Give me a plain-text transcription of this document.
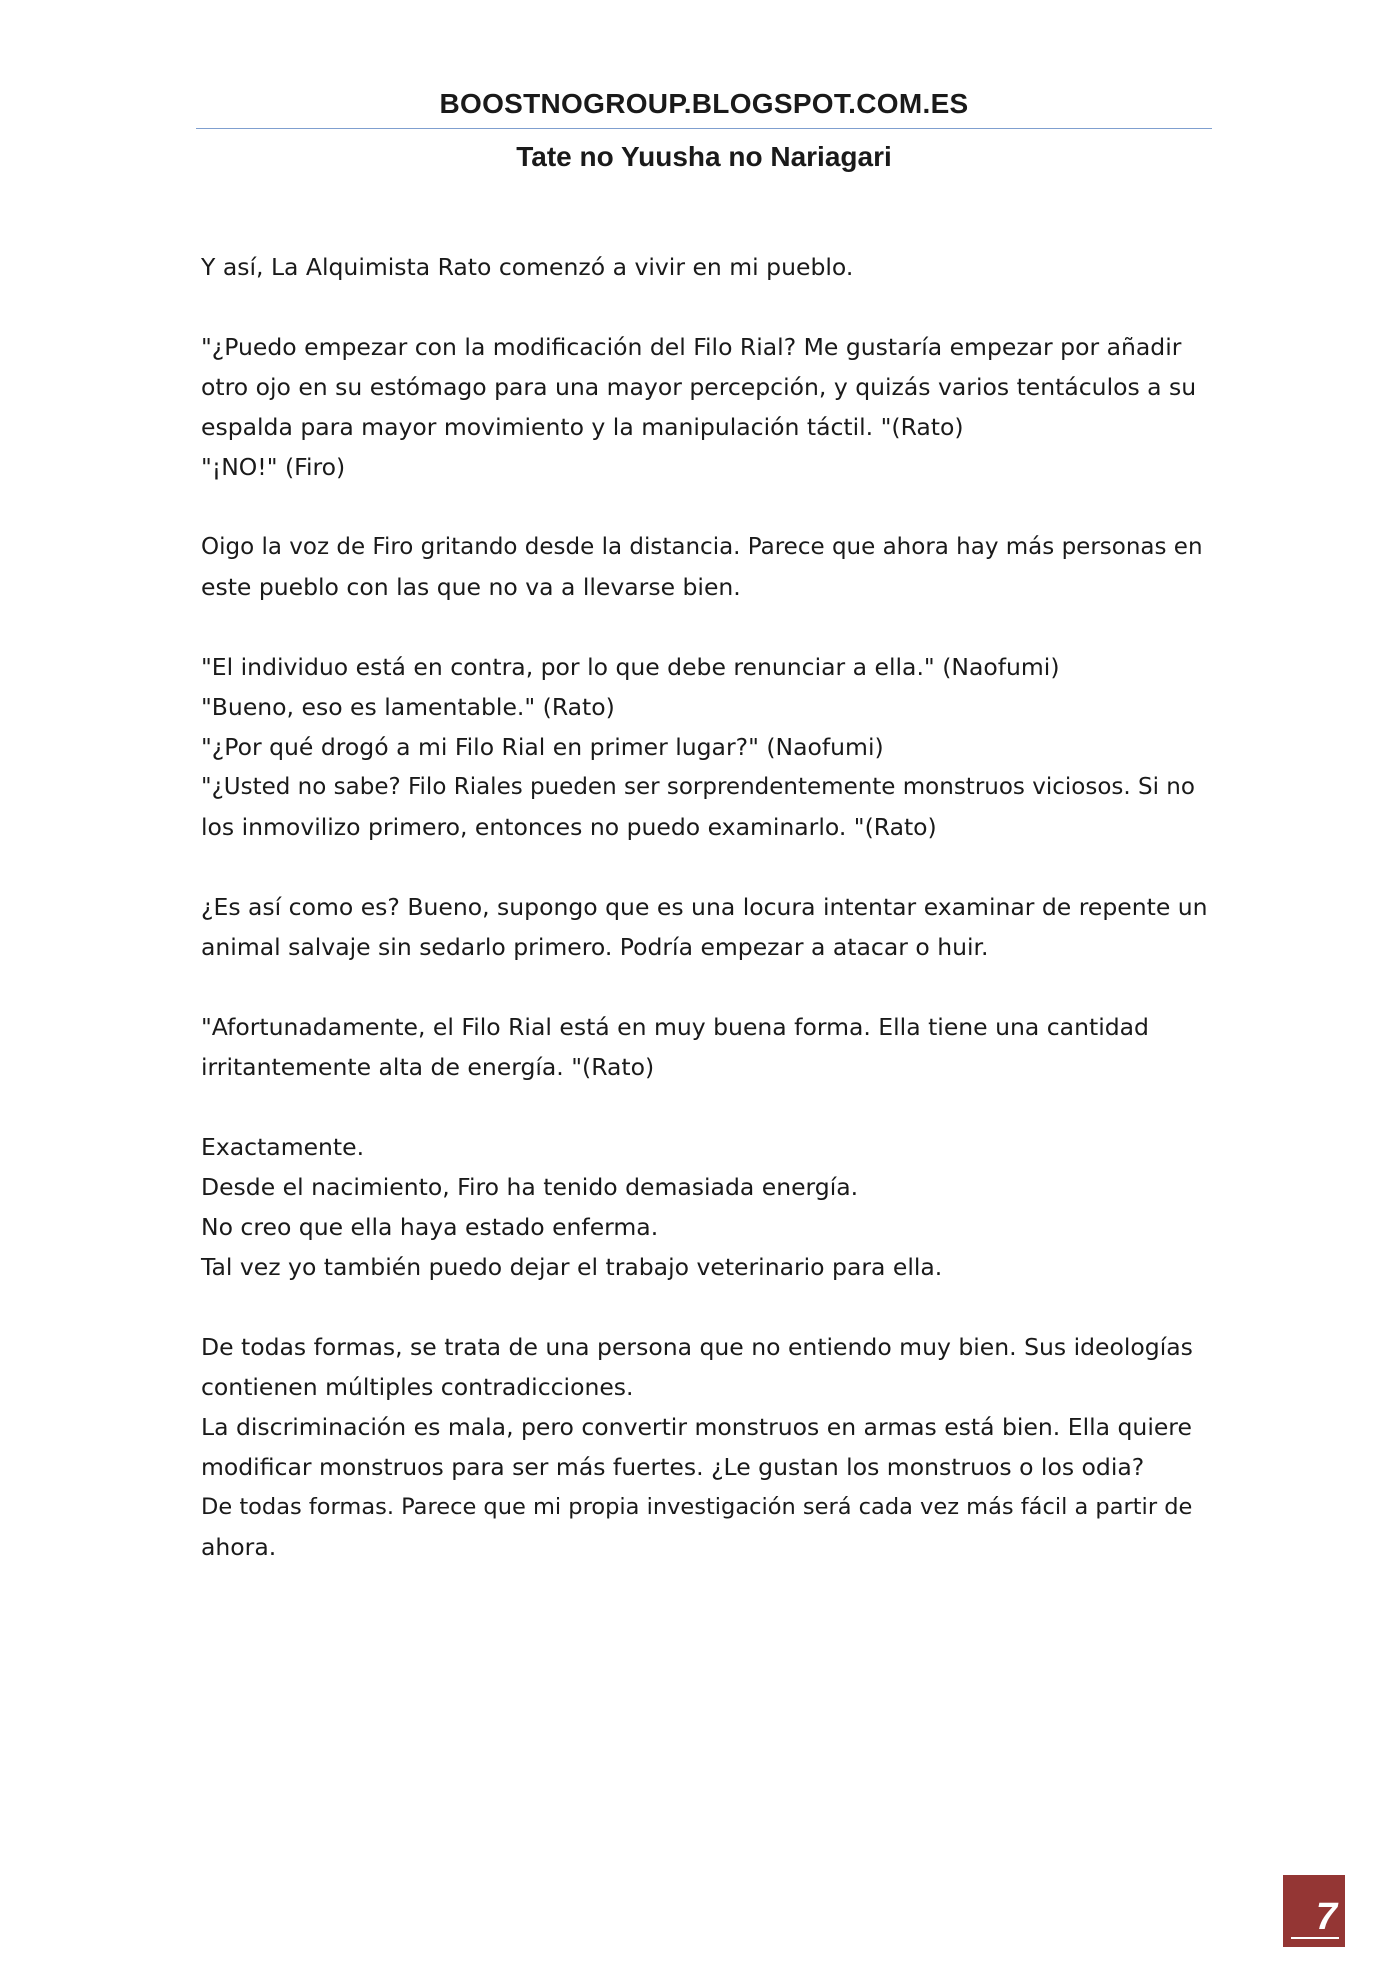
BOOSTNOGROUP.BLOGSPOT.COM.ES
Tate no Yuusha no Nariagari
Y así, La Alquimista Rato comenzó a vivir en mi pueblo.
"¿Puedo empezar con la modificación del Filo Rial? Me gustaría empezar por añadir
otro ojo en su estómago para una mayor percepción, y quizás varios tentáculos a su
espalda para mayor movimiento y la manipulación táctil. "(Rato)
"¡NO!" (Firo)
Oigo la voz de Firo gritando desde la distancia. Parece que ahora hay más personas en
este pueblo con las que no va a llevarse bien.
"El individuo está en contra, por lo que debe renunciar a ella." (Naofumi)
"Bueno, eso es lamentable." (Rato)
"¿Por qué drogó a mi Filo Rial en primer lugar?" (Naofumi)
"¿Usted no sabe? Filo Riales pueden ser sorprendentemente monstruos viciosos. Si no
los inmovilizo primero, entonces no puedo examinarlo. "(Rato)
¿Es así como es? Bueno, supongo que es una locura intentar examinar de repente un
animal salvaje sin sedarlo primero. Podría empezar a atacar o huir.
"Afortunadamente, el Filo Rial está en muy buena forma. Ella tiene una cantidad
irritantemente alta de energía. "(Rato)
Exactamente.
Desde el nacimiento, Firo ha tenido demasiada energía.
No creo que ella haya estado enferma.
Tal vez yo también puedo dejar el trabajo veterinario para ella.
De todas formas, se trata de una persona que no entiendo muy bien. Sus ideologías
contienen múltiples contradicciones.
La discriminación es mala, pero convertir monstruos en armas está bien. Ella quiere
modificar monstruos para ser más fuertes. ¿Le gustan los monstruos o los odia?
De todas formas. Parece que mi propia investigación será cada vez más fácil a partir de
ahora.
7
